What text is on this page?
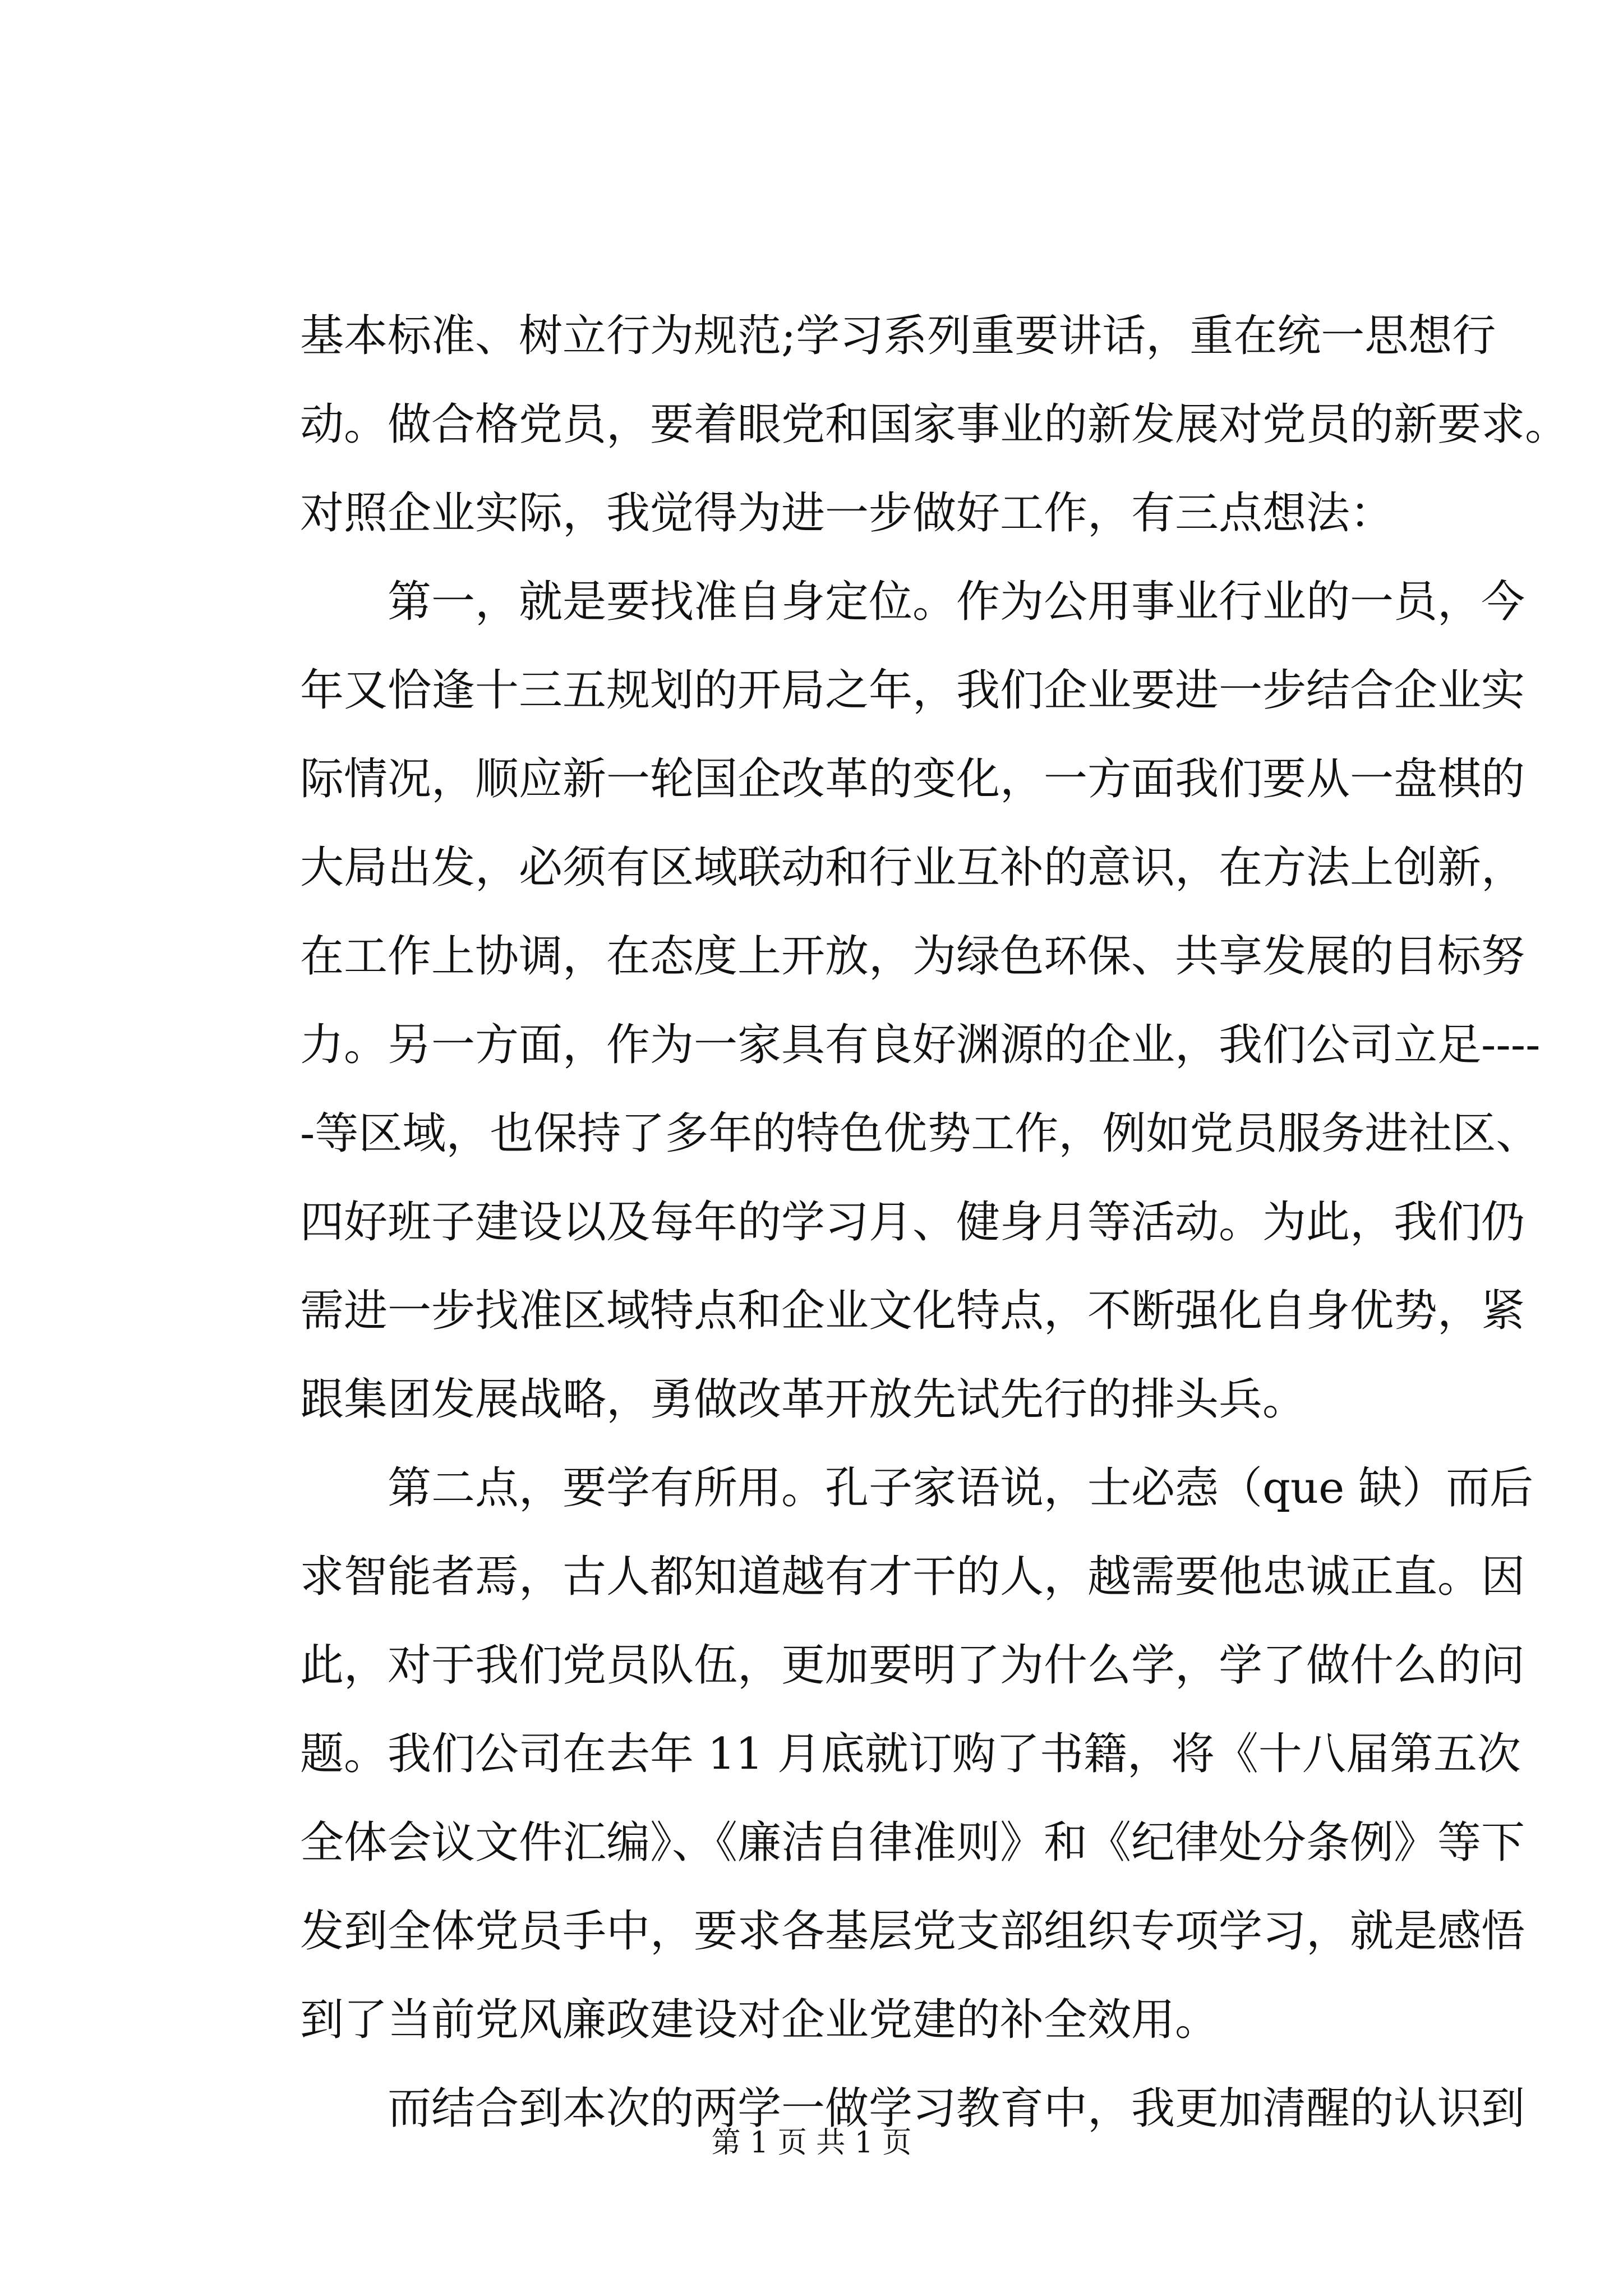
基本标准、树立行为规范;学习系列重要讲话，重在统一思想行
动。做合格党员，要着眼党和国家事业的新发展对党员的新要求。
对照企业实际，我觉得为进一步做好工作，有三点想法：
第一，就是要找准自身定位。作为公用事业行业的一员，今
年又恰逢十三五规划的开局之年，我们企业要进一步结合企业实
际情况，顺应新一轮国企改革的变化，一方面我们要从一盘棋的
大局出发，必须有区域联动和行业互补的意识，在方法上创新，
在工作上协调，在态度上开放，为绿色环保、共享发展的目标努
力。另一方面，作为一家具有良好渊源的企业，我们公司立足----
-等区域，也保持了多年的特色优势工作，例如党员服务进社区、
四好班子建设以及每年的学习月、健身月等活动。为此，我们仍
需进一步找准区域特点和企业文化特点，不断强化自身优势，紧
跟集团发展战略，勇做改革开放先试先行的排头兵。
第二点，要学有所用。孔子家语说，士必悫（que 缺）而后
求智能者焉，古人都知道越有才干的人，越需要他忠诚正直。因
此，对于我们党员队伍，更加要明了为什么学，学了做什么的问
题。我们公司在去年 11 月底就订购了书籍，将《十八届第五次
全体会议文件汇编》、《廉洁自律准则》和《纪律处分条例》等下
发到全体党员手中，要求各基层党支部组织专项学习，就是感悟
到了当前党风廉政建设对企业党建的补全效用。
而结合到本次的两学一做学习教育中，我更加清醒的认识到
第 1 页 共 1 页
